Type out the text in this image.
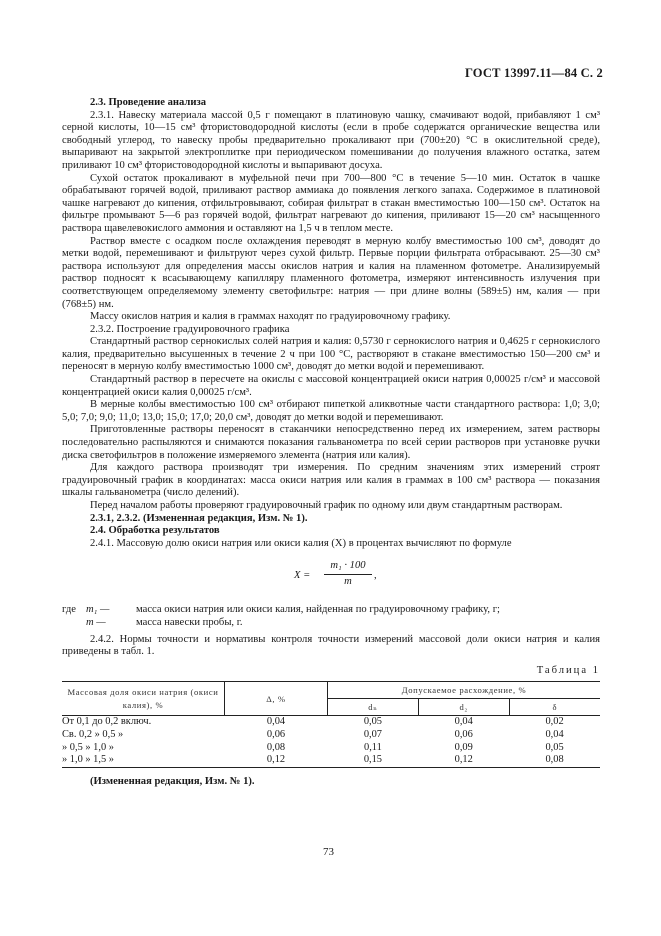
ГОСТ 13997.11—84 С. 2

2.3. Проведение анализа

2.3.1. Навеску материала массой 0,5 г помещают в платиновую чашку, смачивают водой, прибавляют 1 см³ серной кислоты, 10—15 см³ фтористоводородной кислоты (если в пробе содержатся органические вещества или свободный углерод, то навеску пробы предварительно прокаливают при (700±20) °С в окислительной среде), выпаривают на закрытой электроплитке при периодическом помешивании до получения влажного остатка, затем приливают 10 см³ фтористоводородной кислоты и выпаривают досуха.

Сухой остаток прокаливают в муфельной печи при 700—800 °С в течение 5—10 мин. Остаток в чашке обрабатывают горячей водой, приливают раствор аммиака до появления легкого запаха. Содержимое в платиновой чашке нагревают до кипения, отфильтровывают, собирая фильтрат в стакан вместимостью 100—150 см³. Остаток на фильтре промывают 5—6 раз горячей водой, фильтрат нагревают до кипения, приливают 15—20 см³ насыщенного раствора щавелевокислого аммония и оставляют на 1,5 ч в теплом месте.

Раствор вместе с осадком после охлаждения переводят в мерную колбу вместимостью 100 см³, доводят до метки водой, перемешивают и фильтруют через сухой фильтр. Первые порции фильтрата отбрасывают. 25—30 см³ раствора используют для определения массы окислов натрия и калия на пламенном фотометре. Анализируемый раствор подносят к всасывающему капилляру пламенного фотометра, измеряют интенсивность излучения при соответствующем определяемому элементу светофильтре: натрия — при длине волны (589±5) нм, калия — при (768±5) нм.

Массу окислов натрия и калия в граммах находят по градуировочному графику.

2.3.2. Построение градуировочного графика

Стандартный раствор сернокислых солей натрия и калия: 0,5730 г сернокислого натрия и 0,4625 г сернокислого калия, предварительно высушенных в течение 2 ч при 100 °С, растворяют в стакане вместимостью 150—200 см³ и переносят в мерную колбу вместимостью 1000 см³, доводят до метки водой и перемешивают.

Стандартный раствор в пересчете на окислы с массовой концентрацией окиси натрия 0,00025 г/см³ и массовой концентрацией окиси калия 0,00025 г/см³.

В мерные колбы вместимостью 100 см³ отбирают пипеткой аликвотные части стандартного раствора: 1,0; 3,0; 5,0; 7,0; 9,0; 11,0; 13,0; 15,0; 17,0; 20,0 см³, доводят до метки водой и перемешивают.

Приготовленные растворы переносят в стаканчики непосредственно перед их измерением, затем растворы последовательно распыляются и снимаются показания гальванометра по всей серии растворов при установке ручки диска светофильтров в положение измеряемого элемента (натрия или калия).

Для каждого раствора производят три измерения. По средним значениям этих измерений строят градуировочный график в координатах: масса окиси натрия или калия в граммах в 100 см³ раствора — показания шкалы гальванометра (число делений).

Перед началом работы проверяют градуировочный график по одному или двум стандартным растворам.

2.3.1, 2.3.2. (Измененная редакция, Изм. № 1).

2.4. Обработка результатов

2.4.1. Массовую долю окиси натрия или окиси калия (X) в процентах вычисляют по формуле

$X = \frac{\text{m₁ · 100}}{m}$ ,
где m₁ —	масса окиси натрия или окиси калия, найденная по градуировочному графику, г;
m —	масса навески пробы, г.

2.4.2. Нормы точности и нормативы контроля точности измерений массовой доли окиси натрия и калия приведены в табл. 1.

Таблица 1
Массовая доля окиси натрия (окиси калия), %	Δ, %	Допускаемое расхождение, %		
		dₙ	d₂	δ
От 0,1 до 0,2 включ.	0,04	0,05	0,04	0,02
Св. 0,2 » 0,5 »	0,06	0,07	0,06	0,04
» 0,5 » 1,0 »	0,08	0,11	0,09	0,05
» 1,0 » 1,5 »	0,12	0,15	0,12	0,08

(Измененная редакция, Изм. № 1).

73
